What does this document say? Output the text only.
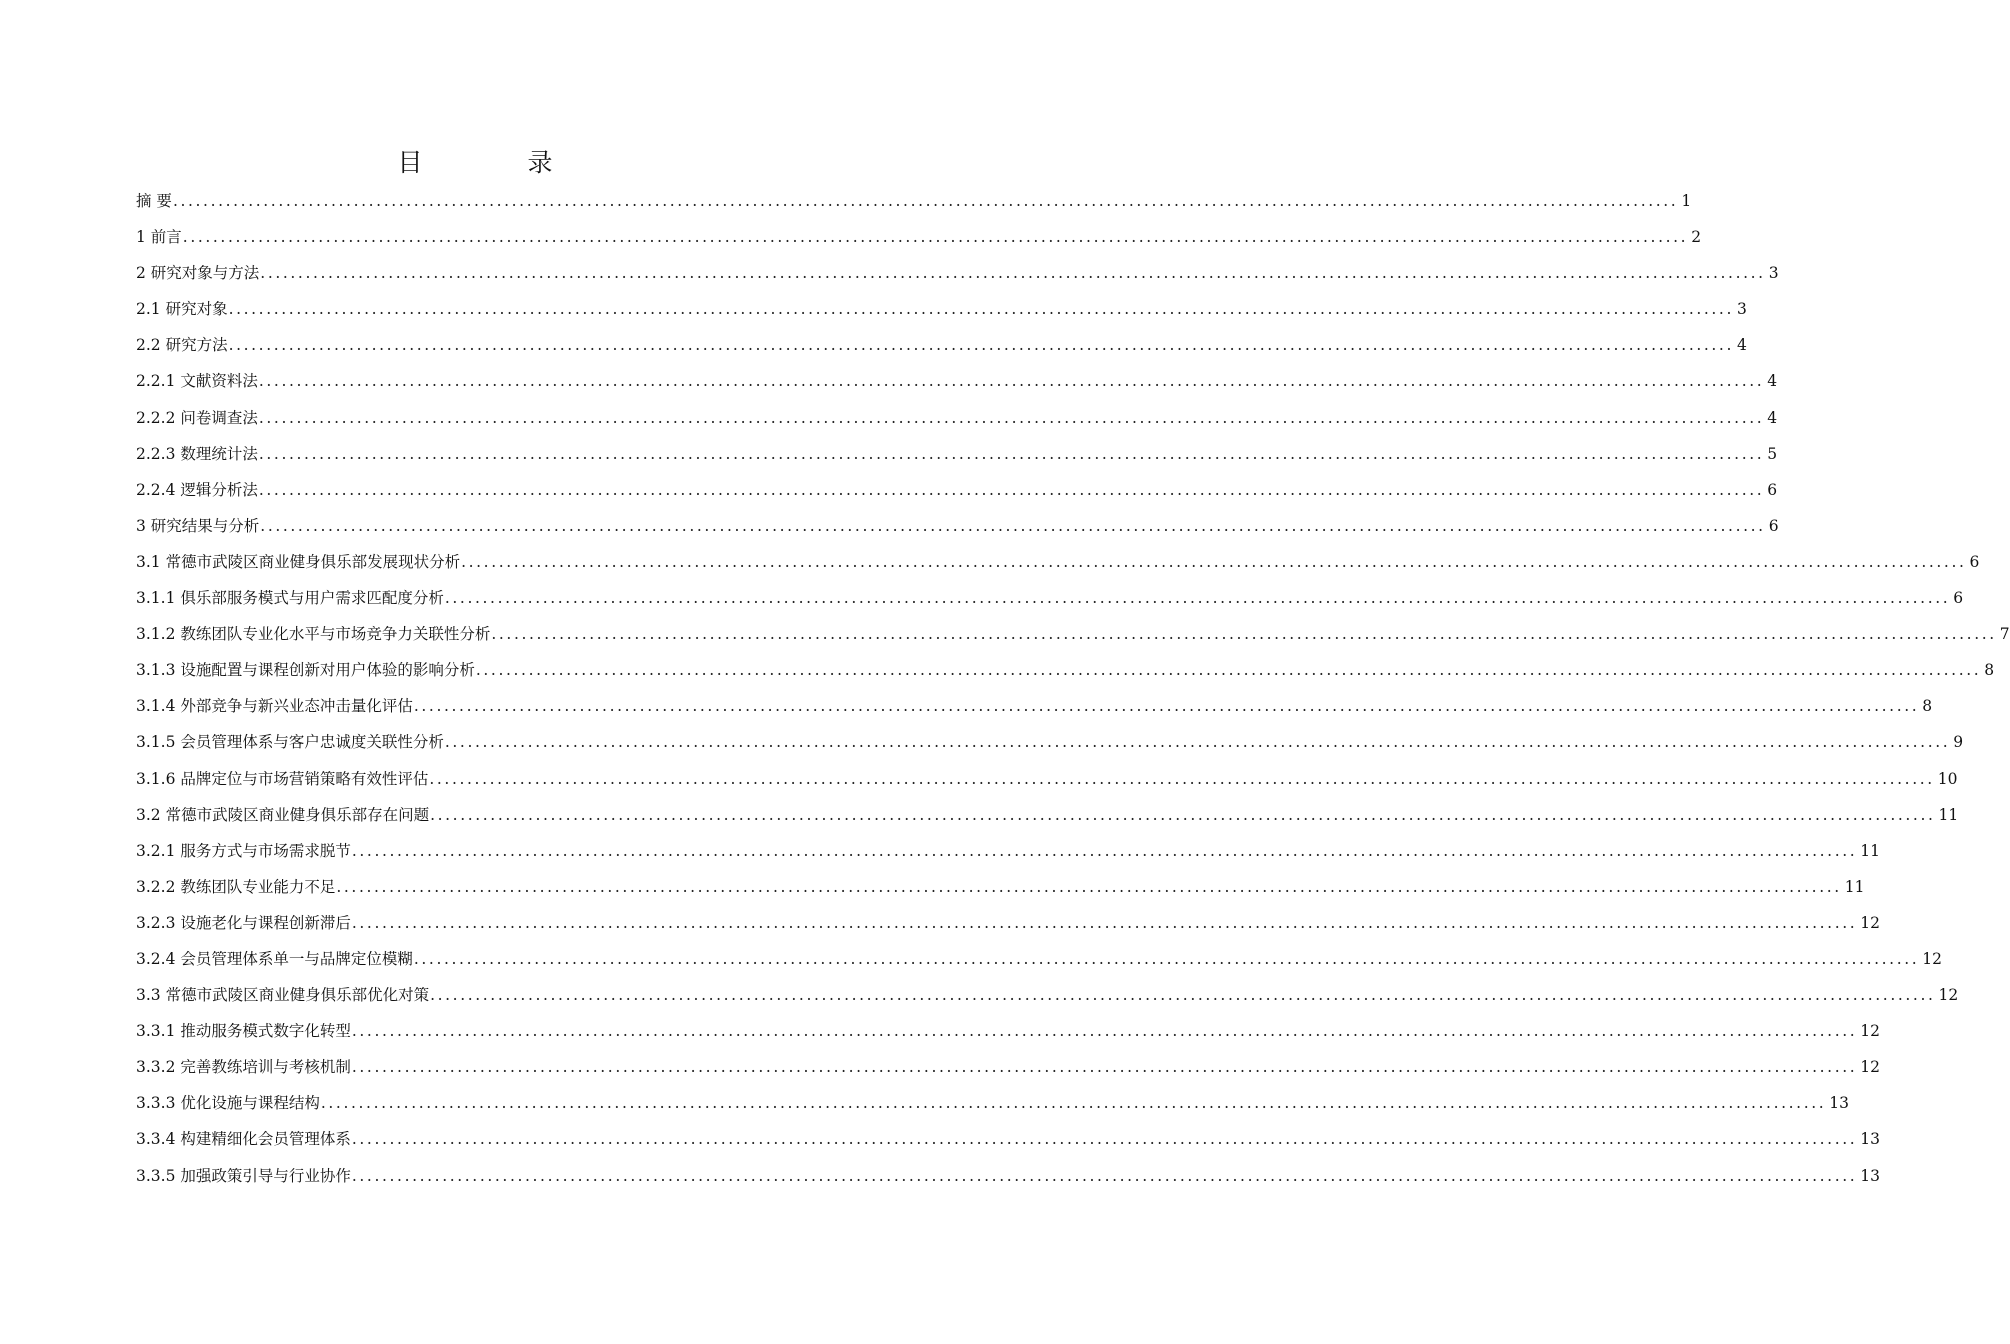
目　录
摘 要 ........................................................................................................................................................................................................ 1
1 前言 ........................................................................................................................................................................................................ 2
2 研究对象与方法 ........................................................................................................................................................................................................ 3
2.1 研究对象 ........................................................................................................................................................................................................ 3
2.2 研究方法 ........................................................................................................................................................................................................ 4
2.2.1 文献资料法 ........................................................................................................................................................................................................ 4
2.2.2 问卷调查法 ........................................................................................................................................................................................................ 4
2.2.3 数理统计法 ........................................................................................................................................................................................................ 5
2.2.4 逻辑分析法 ........................................................................................................................................................................................................ 6
3 研究结果与分析 ........................................................................................................................................................................................................ 6
3.1 常德市武陵区商业健身俱乐部发展现状分析 ........................................................................................................................................................................................................ 6
3.1.1 俱乐部服务模式与用户需求匹配度分析 ........................................................................................................................................................................................................ 6
3.1.2 教练团队专业化水平与市场竞争力关联性分析 ........................................................................................................................................................................................................ 7
3.1.3 设施配置与课程创新对用户体验的影响分析 ........................................................................................................................................................................................................ 8
3.1.4 外部竞争与新兴业态冲击量化评估 ........................................................................................................................................................................................................ 8
3.1.5 会员管理体系与客户忠诚度关联性分析 ........................................................................................................................................................................................................ 9
3.1.6 品牌定位与市场营销策略有效性评估 ........................................................................................................................................................................................................ 10
3.2 常德市武陵区商业健身俱乐部存在问题 ........................................................................................................................................................................................................ 11
3.2.1 服务方式与市场需求脱节 ........................................................................................................................................................................................................ 11
3.2.2 教练团队专业能力不足 ........................................................................................................................................................................................................ 11
3.2.3 设施老化与课程创新滞后 ........................................................................................................................................................................................................ 12
3.2.4 会员管理体系单一与品牌定位模糊 ........................................................................................................................................................................................................ 12
3.3 常德市武陵区商业健身俱乐部优化对策 ........................................................................................................................................................................................................ 12
3.3.1 推动服务模式数字化转型 ........................................................................................................................................................................................................ 12
3.3.2 完善教练培训与考核机制 ........................................................................................................................................................................................................ 12
3.3.3 优化设施与课程结构 ........................................................................................................................................................................................................ 13
3.3.4 构建精细化会员管理体系 ........................................................................................................................................................................................................ 13
3.3.5 加强政策引导与行业协作 ........................................................................................................................................................................................................ 13
